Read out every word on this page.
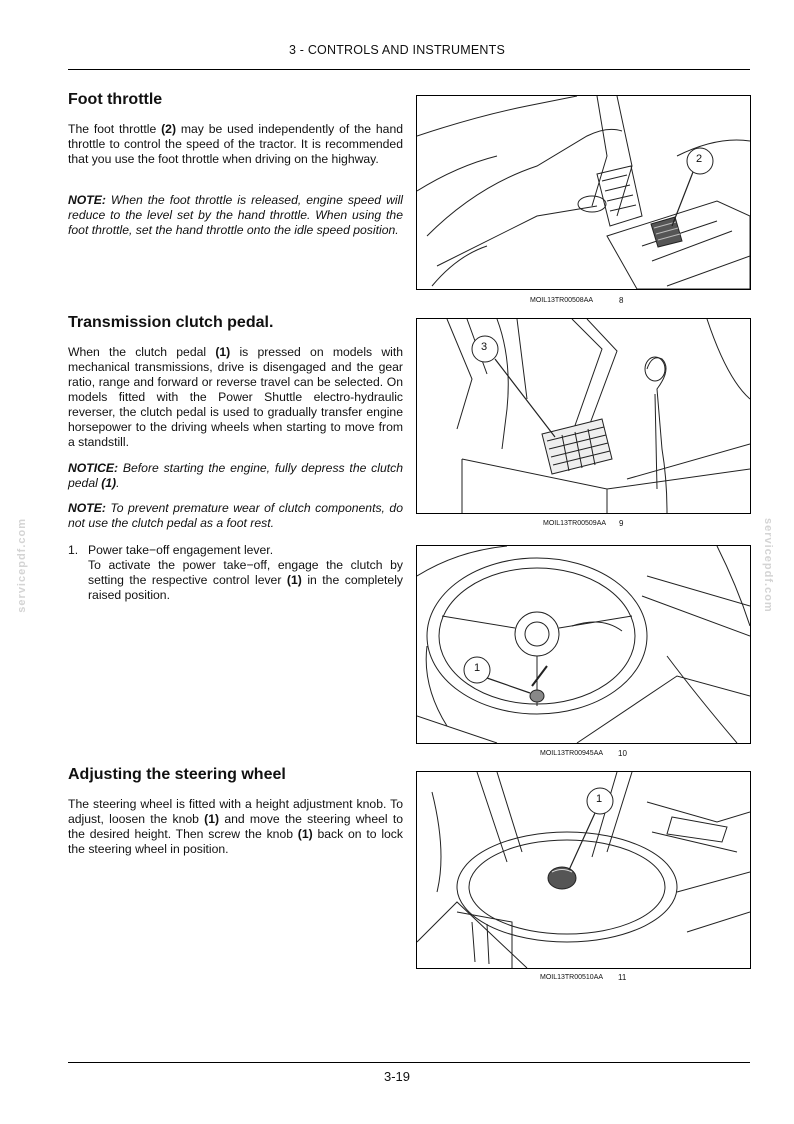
3 - CONTROLS AND INSTRUMENTS
servicepdf.com	servicepdf.com
Foot throttle

The foot throttle (2) may be used independently of the hand throttle to control the speed of the tractor. It is recommended that you use the foot throttle when driving on the highway.

NOTE: When the foot throttle is released, engine speed will reduce to the level set by the hand throttle. When using the foot throttle, set the hand throttle onto the idle speed position.

2
MOIL13TR00508AA	8
Transmission clutch pedal.

When the clutch pedal (1) is pressed on models with mechanical transmissions, drive is disengaged and the gear ratio, range and forward or reverse travel can be selected. On models fitted with the Power Shuttle electro-hydraulic reverser, the clutch pedal is used to gradually transfer engine horsepower to the driving wheels when starting to move from a standstill.

NOTICE: Before starting the engine, fully depress the clutch pedal (1).

NOTE: To prevent premature wear of clutch components, do not use the clutch pedal as a foot rest.

1. Power take−off engagement lever.
To activate the power take−off, engage the clutch by setting the respective control lever (1) in the completely raised position.
3
MOIL13TR00509AA 9
1
MOIL13TR00945AA 10
Adjusting the steering wheel

The steering wheel is fitted with a height adjustment knob. To adjust, loosen the knob (1) and move the steering wheel to the desired height. Then screw the knob (1) back on to lock the steering wheel in position.

1
MOIL13TR00510AA 11
3-19
